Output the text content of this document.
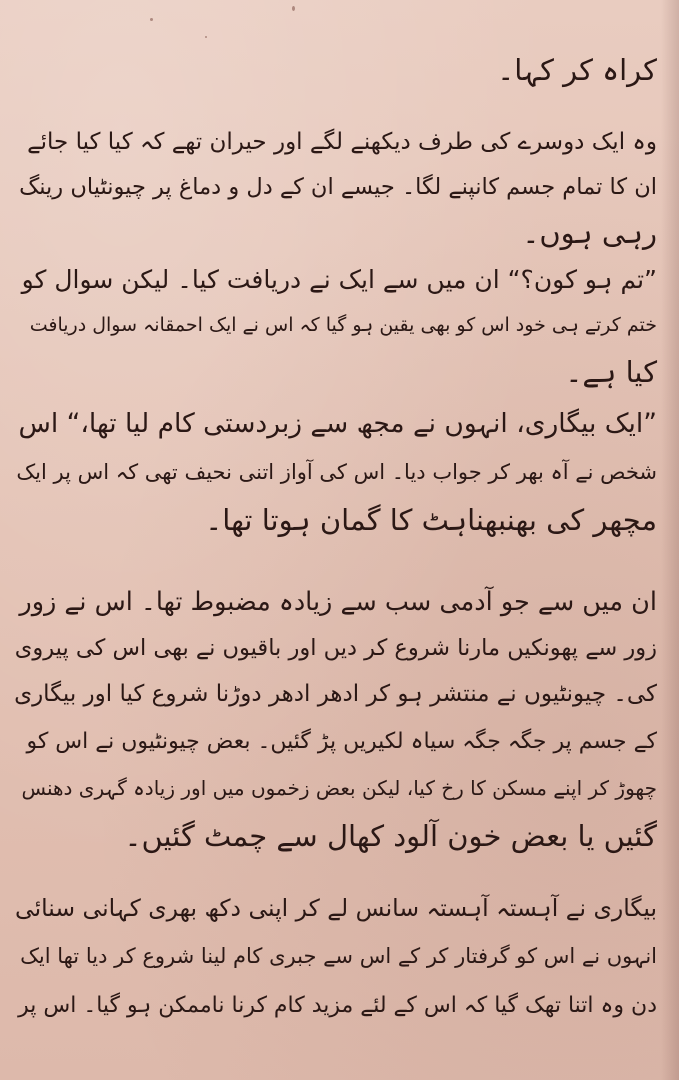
کراہ کر کہا۔
وہ ایک دوسرے کی طرف دیکھنے لگے اور حیران تھے کہ کیا کیا جائے
ان کا تمام جسم کانپنے لگا۔ جیسے ان کے دل و دماغ پر چیونٹیاں رینگ
رہی ہوں۔
”تم ہو کون؟“ ان میں سے ایک نے دریافت کیا۔ لیکن سوال کو
ختم کرتے ہی خود اس کو بھی یقین ہو گیا کہ اس نے ایک احمقانہ سوال دریافت
کیا ہے۔
”ایک بیگاری، انہوں نے مجھ سے زبردستی کام لیا تھا،“ اس
شخص نے آہ بھر کر جواب دیا۔ اس کی آواز اتنی نحیف تھی کہ اس پر ایک
مچھر کی بھنبھناہٹ کا گمان ہوتا تھا۔
ان میں سے جو آدمی سب سے زیادہ مضبوط تھا۔ اس نے زور
زور سے پھونکیں مارنا شروع کر دیں اور باقیوں نے بھی اس کی پیروی
کی۔ چیونٹیوں نے منتشر ہو کر ادھر ادھر دوڑنا شروع کیا اور بیگاری
کے جسم پر جگہ جگہ سیاہ لکیریں پڑ گئیں۔ بعض چیونٹیوں نے اس کو
چھوڑ کر اپنے مسکن کا رخ کیا، لیکن بعض زخموں میں اور زیادہ گہری دھنس
گئیں یا بعض خون آلود کھال سے چمٹ گئیں۔
بیگاری نے آہستہ آہستہ سانس لے کر اپنی دکھ بھری کہانی سنائی
انہوں نے اس کو گرفتار کر کے اس سے جبری کام لینا شروع کر دیا تھا ایک
دن وہ اتنا تھک گیا کہ اس کے لئے مزید کام کرنا ناممکن ہو گیا۔ اس پر
